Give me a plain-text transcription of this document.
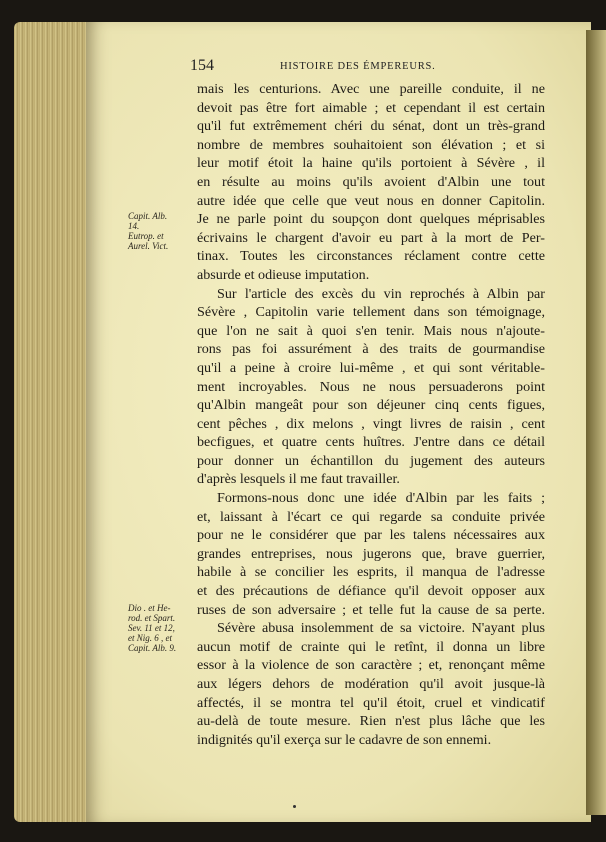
154	HISTOIRE DES ÉMPEREURS.
Capit. Alb.
14.
Eutrop. et
Aurel. Vict.
Dio . et He-
rod. et Spart.
Sev. 11 et 12,
et Nig. 6 , et
Capit. Alb. 9.
mais les centurions. Avec une pareille conduite, il ne
devoit pas être fort aimable ; et cependant il est certain
qu'il fut extrêmement chéri du sénat, dont un très-grand
nombre de membres souhaitoient son élévation ; et si
leur motif étoit la haine qu'ils portoient à Sévère , il
en résulte au moins qu'ils avoient d'Albin une tout
autre idée que celle que veut nous en donner Capitolin.
Je ne parle point du soupçon dont quelques méprisables
écrivains le chargent d'avoir eu part à la mort de Per-
tinax. Toutes les circonstances réclament contre cette
absurde et odieuse imputation.
Sur l'article des excès du vin reprochés à Albin par
Sévère , Capitolin varie tellement dans son témoignage,
que l'on ne sait à quoi s'en tenir. Mais nous n'ajoute-
rons pas foi assurément à des traits de gourmandise
qu'il a peine à croire lui-même , et qui sont véritable-
ment incroyables. Nous ne nous persuaderons point
qu'Albin mangeât pour son déjeuner cinq cents figues,
cent pêches , dix melons , vingt livres de raisin , cent
becfigues, et quatre cents huîtres. J'entre dans ce détail
pour donner un échantillon du jugement des auteurs
d'après lesquels il me faut travailler.
Formons-nous donc une idée d'Albin par les faits ;
et, laissant à l'écart ce qui regarde sa conduite privée
pour ne le considérer que par les talens nécessaires aux
grandes entreprises, nous jugerons que, brave guerrier,
habile à se concilier les esprits, il manqua de l'adresse
et des précautions de défiance qu'il devoit opposer aux
ruses de son adversaire ; et telle fut la cause de sa perte.
Sévère abusa insolemment de sa victoire. N'ayant plus
aucun motif de crainte qui le retînt, il donna un libre
essor à la violence de son caractère ; et, renonçant même
aux légers dehors de modération qu'il avoit jusque-là
affectés, il se montra tel qu'il étoit, cruel et vindicatif
au-delà de toute mesure. Rien n'est plus lâche que les
indignités qu'il exerça sur le cadavre de son ennemi.
